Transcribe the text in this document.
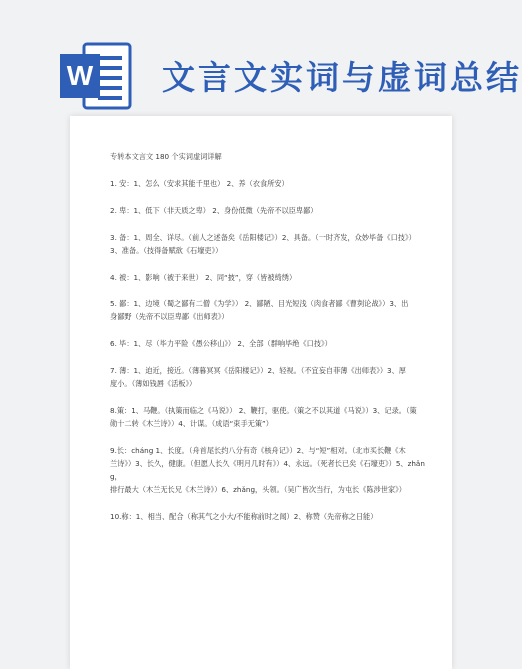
W 文言文实词与虚词总结
专转本文言文 180 个实词虚词详解

1. 安：1、怎么（安求其能千里也） 2、养（衣食所安）

2. 卑：1、低下（非天质之卑） 2、身份低微（先帝不以臣卑鄙）

3. 备：1、周全、详尽。（前人之述备矣《岳阳楼记》）2、具备。（一时齐发，众妙毕备《口技》）

3、准备。（技得备赋欲《石壕吏》）

4. 被：1、影响（被于来世） 2、同“披”，穿（皆被绮绣）

5. 鄙：1、边境（蜀之鄙有二僧《为学》） 2、鄙陋、目光短浅（肉食者鄙《曹刿论战》）3、出

身鄙野（先帝不以臣卑鄙《出师表》）

6. 毕：1、尽（毕力平险《愚公移山》） 2、全部（群响毕绝《口技》）

7. 薄：1、迫近，接近。（薄暮冥冥《岳阳楼记》）2、轻视。（不宜妄自菲薄《出师表》）3、厚

度小。（薄如钱唇《活板》）

8.策：1、马鞭。（执策而临之《马说》） 2、鞭打，驱使。（策之不以其道《马说》）3、记录。（策

勋十二转《木兰诗》）4、计谋。（成语“束手无策”）

9.长：cháng 1、长度。（舟首尾长约八分有奇《核舟记》）2、与“短”相对。（北市买长鞭《木

兰诗》）3、长久，健康。（但愿人长久《明月几时有》）4、永远。（死者长已矣《石壕吏》）5、zhǎng，

排行最大（木兰无长兄《木兰诗》）6、zhǎng，头领。（吴广皆次当行，为屯长《陈涉世家》）

10.称：1、相当、配合（称其气之小大/不能称前时之闻）2、称赞（先帝称之日能）
